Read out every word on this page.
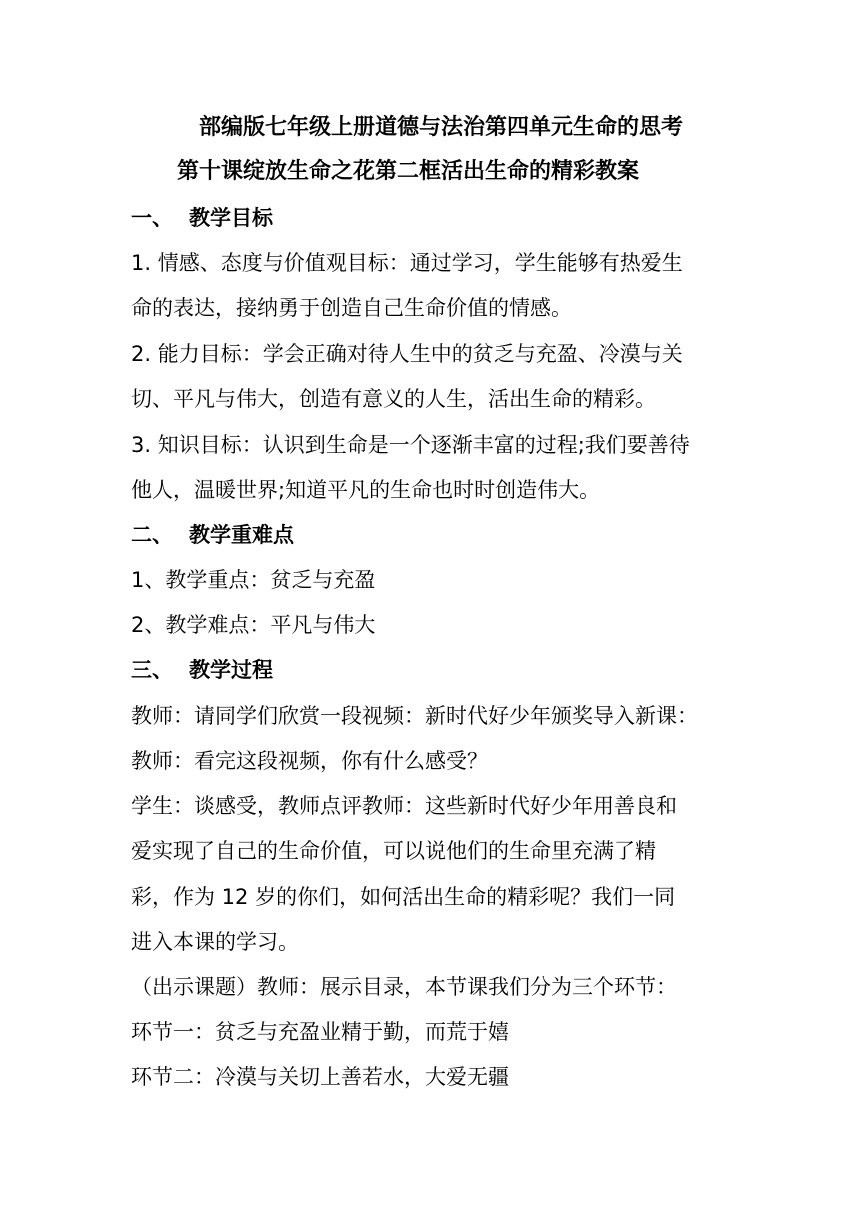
部编版七年级上册道德与法治第四单元生命的思考
第十课绽放生命之花第二框活出生命的精彩教案
一、 教学目标
1. 情感、态度与价值观目标：通过学习，学生能够有热爱生
命的表达，接纳勇于创造自己生命价值的情感。
2. 能力目标：学会正确对待人生中的贫乏与充盈、冷漠与关
切、平凡与伟大，创造有意义的人生，活出生命的精彩。
3. 知识目标：认识到生命是一个逐渐丰富的过程;我们要善待
他人，温暖世界;知道平凡的生命也时时创造伟大。
二、 教学重难点
1、教学重点：贫乏与充盈
2、教学难点：平凡与伟大
三、 教学过程
教师：请同学们欣赏一段视频：新时代好少年颁奖导入新课：
教师：看完这段视频，你有什么感受？
学生：谈感受，教师点评教师：这些新时代好少年用善良和
爱实现了自己的生命价值，可以说他们的生命里充满了精
彩，作为 12 岁的你们，如何活出生命的精彩呢？我们一同
进入本课的学习。
（出示课题）教师：展示目录，本节课我们分为三个环节：
环节一：贫乏与充盈业精于勤，而荒于嬉
环节二：冷漠与关切上善若水，大爱无疆
